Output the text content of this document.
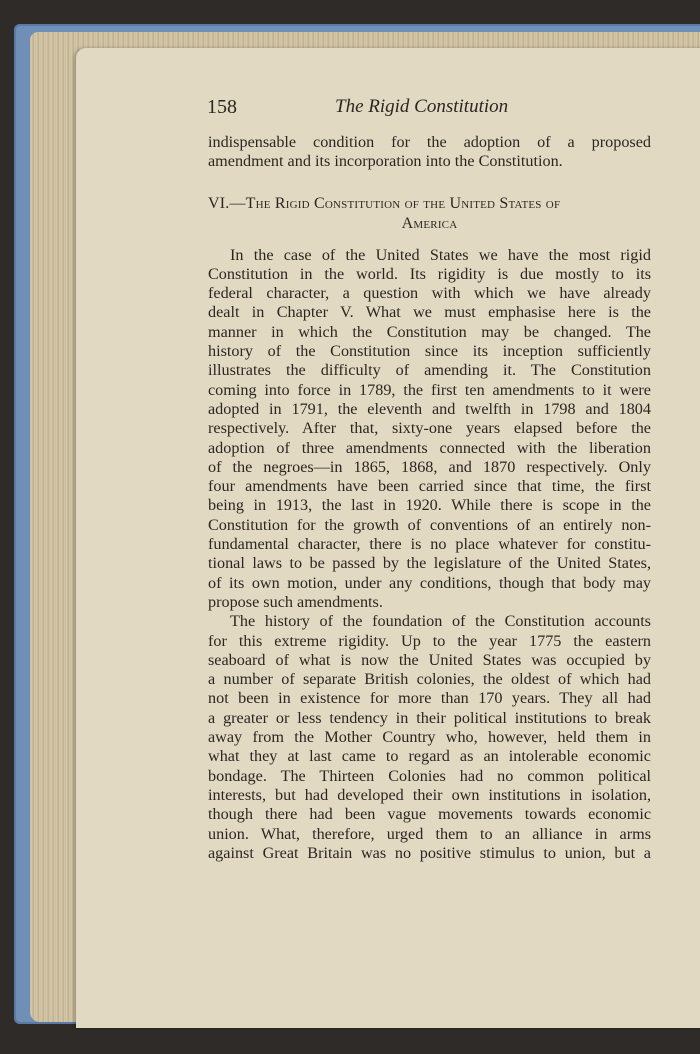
158	The Rigid Constitution
indispensable condition for the adoption of a proposed
amendment and its incorporation into the Constitution.
VI.—The Rigid Constitution of the United States of
America
In the case of the United States we have the most rigid
Constitution in the world. Its rigidity is due mostly to its
federal character, a question with which we have already
dealt in Chapter V. What we must emphasise here is the
manner in which the Constitution may be changed. The
history of the Constitution since its inception sufficiently
illustrates the difficulty of amending it. The Constitution
coming into force in 1789, the first ten amendments to it were
adopted in 1791, the eleventh and twelfth in 1798 and 1804
respectively. After that, sixty-one years elapsed before the
adoption of three amendments connected with the liberation
of the negroes—in 1865, 1868, and 1870 respectively. Only
four amendments have been carried since that time, the first
being in 1913, the last in 1920. While there is scope in the
Constitution for the growth of conventions of an entirely non-
fundamental character, there is no place whatever for constitu-
tional laws to be passed by the legislature of the United States,
of its own motion, under any conditions, though that body may
propose such amendments.
The history of the foundation of the Constitution accounts
for this extreme rigidity. Up to the year 1775 the eastern
seaboard of what is now the United States was occupied by
a number of separate British colonies, the oldest of which had
not been in existence for more than 170 years. They all had
a greater or less tendency in their political institutions to break
away from the Mother Country who, however, held them in
what they at last came to regard as an intolerable economic
bondage. The Thirteen Colonies had no common political
interests, but had developed their own institutions in isolation,
though there had been vague movements towards economic
union. What, therefore, urged them to an alliance in arms
against Great Britain was no positive stimulus to union, but a
